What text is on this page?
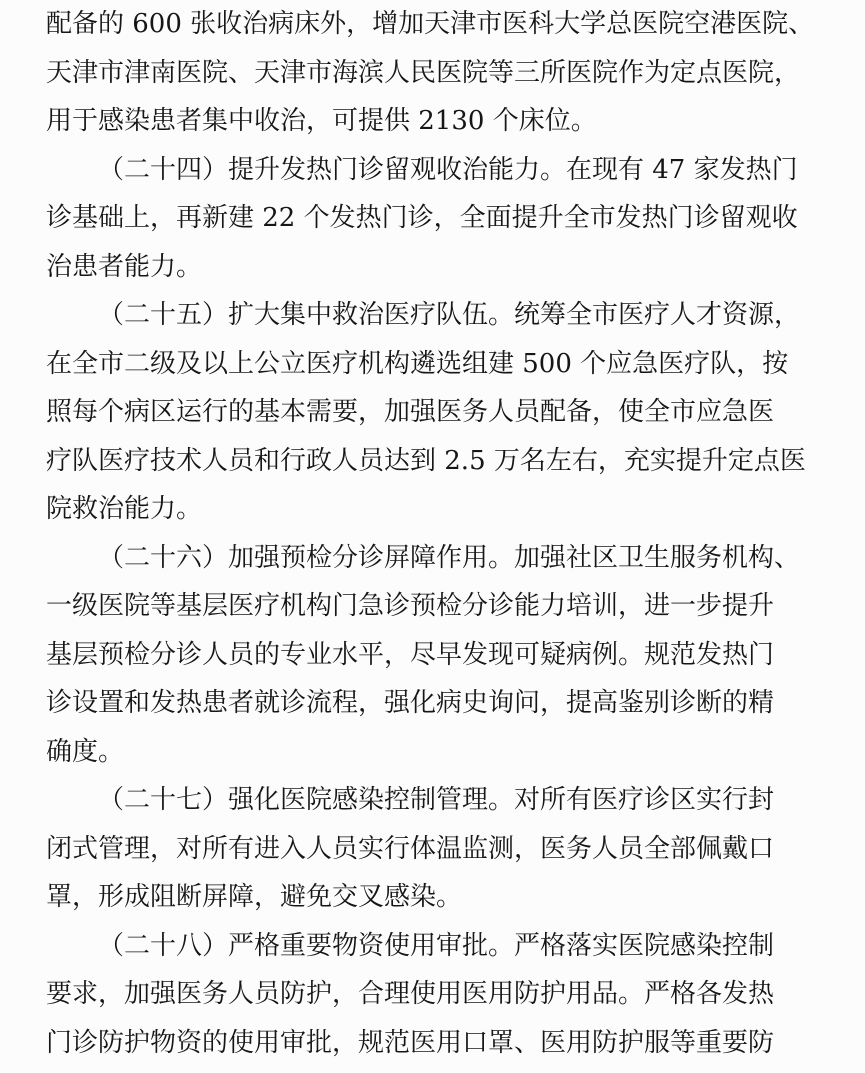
配备的 600 张收治病床外，增加天津市医科大学总医院空港医院、
天津市津南医院、天津市海滨人民医院等三所医院作为定点医院，
用于感染患者集中收治，可提供 2130 个床位。
（二十四）提升发热门诊留观收治能力。在现有 47 家发热门
诊基础上，再新建 22 个发热门诊，全面提升全市发热门诊留观收
治患者能力。
（二十五）扩大集中救治医疗队伍。统筹全市医疗人才资源，
在全市二级及以上公立医疗机构遴选组建 500 个应急医疗队，按
照每个病区运行的基本需要，加强医务人员配备，使全市应急医
疗队医疗技术人员和行政人员达到 2.5 万名左右，充实提升定点医
院救治能力。
（二十六）加强预检分诊屏障作用。加强社区卫生服务机构、
一级医院等基层医疗机构门急诊预检分诊能力培训，进一步提升
基层预检分诊人员的专业水平，尽早发现可疑病例。规范发热门
诊设置和发热患者就诊流程，强化病史询问，提高鉴别诊断的精
确度。
（二十七）强化医院感染控制管理。对所有医疗诊区实行封
闭式管理，对所有进入人员实行体温监测，医务人员全部佩戴口
罩，形成阻断屏障，避免交叉感染。
（二十八）严格重要物资使用审批。严格落实医院感染控制
要求，加强医务人员防护，合理使用医用防护用品。严格各发热
门诊防护物资的使用审批，规范医用口罩、医用防护服等重要防
